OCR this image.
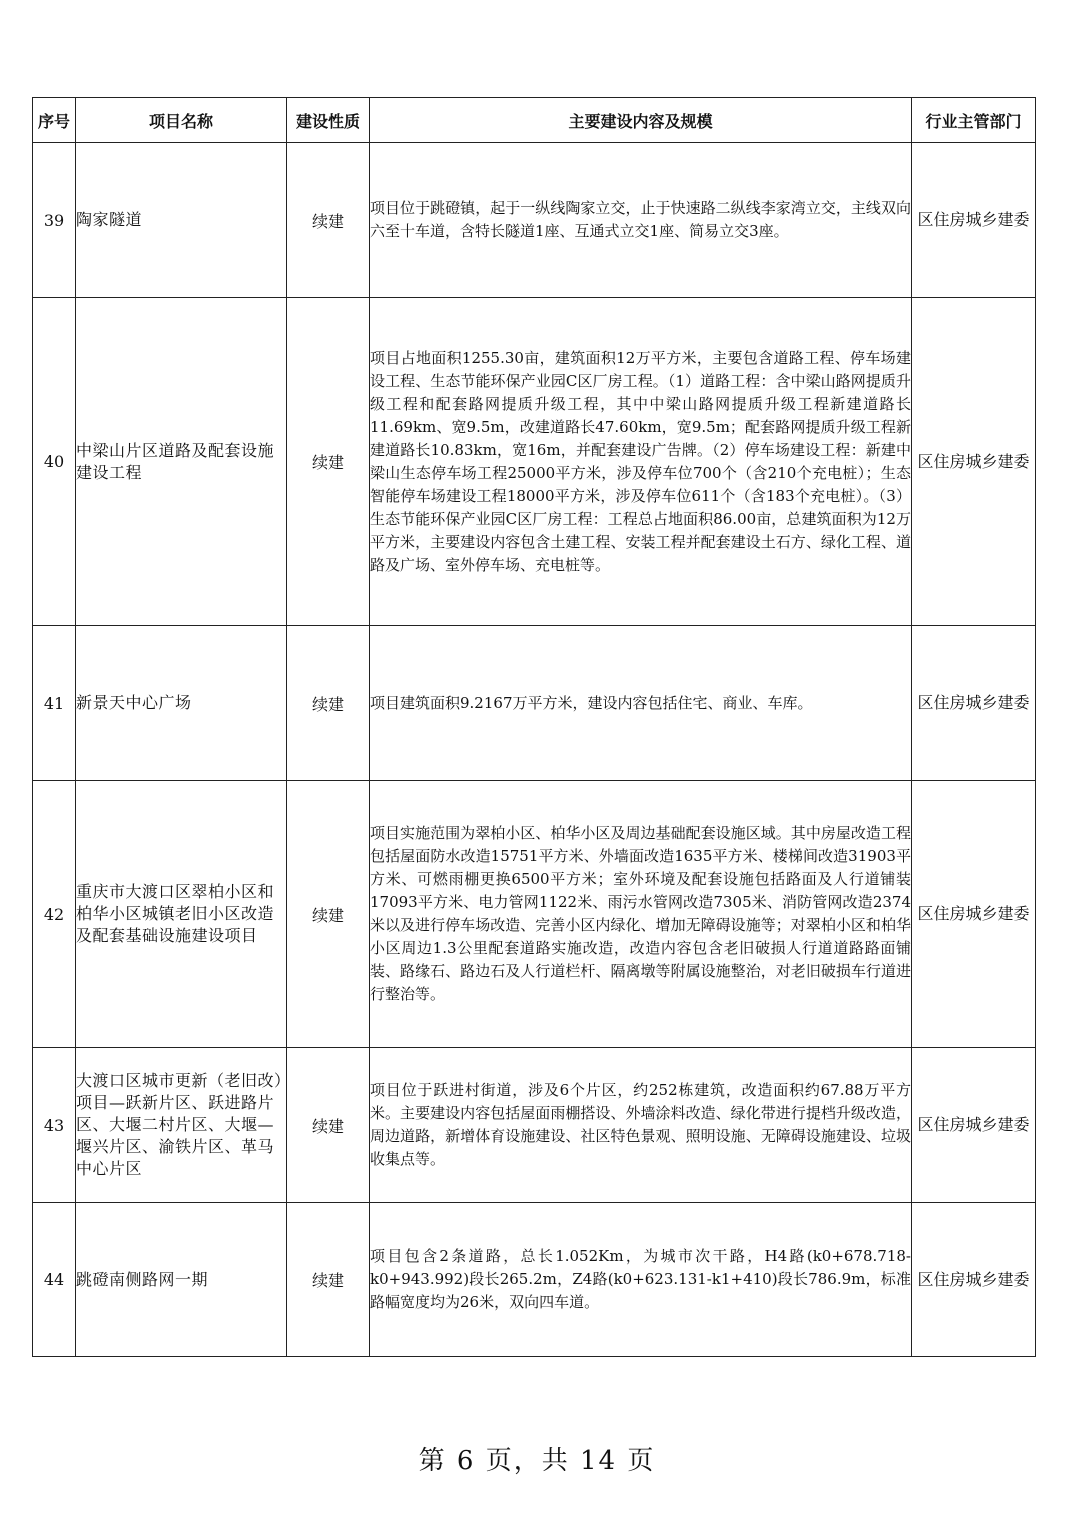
序号	项目名称	建设性质	主要建设内容及规模	行业主管部门
39	陶家隧道	续建	项目位于跳磴镇，起于一纵线陶家立交，止于快速路二纵线李家湾立交，主线双向六至十车道，含特长隧道1座、互通式立交1座、简易立交3座。	区住房城乡建委
40	中梁山片区道路及配套设施建设工程	续建	项目占地面积1255.30亩，建筑面积12万平方米，主要包含道路工程、停车场建设工程、生态节能环保产业园C区厂房工程。（1）道路工程：含中梁山路网提质升级工程和配套路网提质升级工程，其中中梁山路网提质升级工程新建道路长11.69km、宽9.5m，改建道路长47.60km，宽9.5m；配套路网提质升级工程新建道路长10.83km，宽16m，并配套建设广告牌。（2）停车场建设工程：新建中梁山生态停车场工程25000平方米，涉及停车位700个（含210个充电桩）；生态智能停车场建设工程18000平方米，涉及停车位611个（含183个充电桩）。（3）生态节能环保产业园C区厂房工程：工程总占地面积86.00亩，总建筑面积为12万平方米，主要建设内容包含土建工程、安装工程并配套建设土石方、绿化工程、道路及广场、室外停车场、充电桩等。	区住房城乡建委
41	新景天中心广场	续建	项目建筑面积9.2167万平方米，建设内容包括住宅、商业、车库。	区住房城乡建委
42	重庆市大渡口区翠柏小区和柏华小区城镇老旧小区改造及配套基础设施建设项目	续建	项目实施范围为翠柏小区、柏华小区及周边基础配套设施区域。其中房屋改造工程包括屋面防水改造15751平方米、外墙面改造1635平方米、楼梯间改造31903平方米、可燃雨棚更换6500平方米；室外环境及配套设施包括路面及人行道铺装17093平方米、电力管网1122米、雨污水管网改造7305米、消防管网改造2374米以及进行停车场改造、完善小区内绿化、增加无障碍设施等；对翠柏小区和柏华小区周边1.3公里配套道路实施改造，改造内容包含老旧破损人行道道路路面铺装、路缘石、路边石及人行道栏杆、隔离墩等附属设施整治，对老旧破损车行道进行整治等。	区住房城乡建委
43	大渡口区城市更新（老旧改）项目—跃新片区、跃进路片区、大堰二村片区、大堰—堰兴片区、渝铁片区、革马中心片区	续建	项目位于跃进村街道，涉及6个片区，约252栋建筑，改造面积约67.88万平方米。主要建设内容包括屋面雨棚搭设、外墙涂料改造、绿化带进行提档升级改造，周边道路，新增体育设施建设、社区特色景观、照明设施、无障碍设施建设、垃圾收集点等。	区住房城乡建委
44	跳磴南侧路网一期	续建	项目包含2条道路，总长1.052Km，为城市次干路，H4路(k0+678.718-k0+943.992)段长265.2m，Z4路(k0+623.131-k1+410)段长786.9m，标准路幅宽度均为26米，双向四车道。	区住房城乡建委
第 6 页，共 14 页
